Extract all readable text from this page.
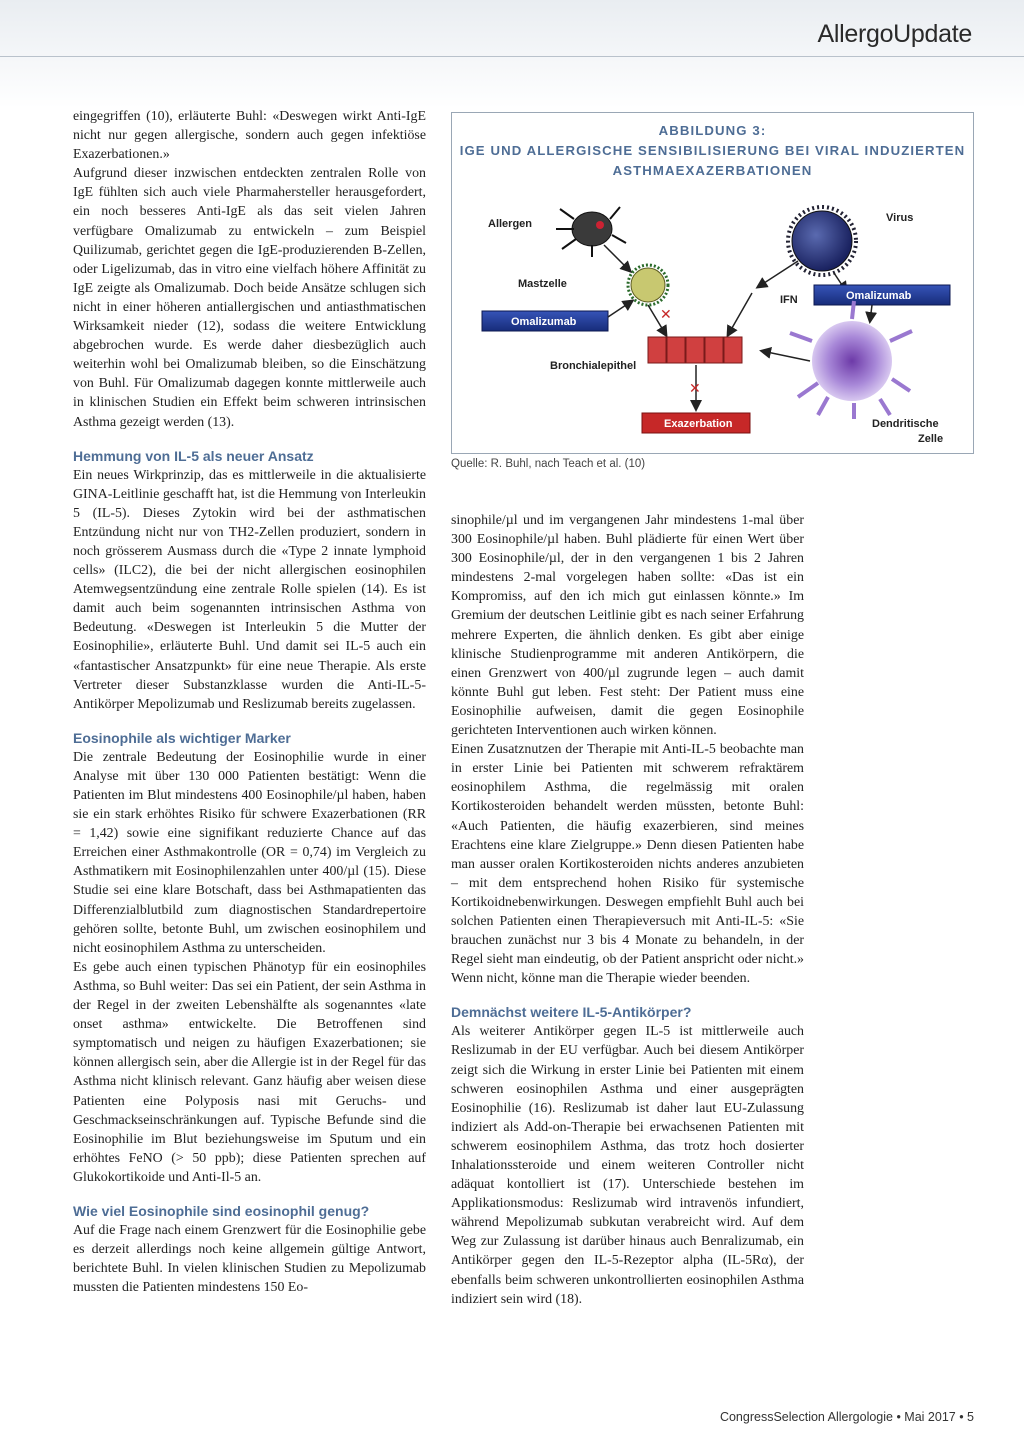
AllergoUpdate

eingegriffen (10), erläuterte Buhl: «Deswegen wirkt Anti-IgE nicht nur gegen allergische, sondern auch gegen infektiöse Exazerbationen.»

Aufgrund dieser inzwischen entdeckten zentralen Rolle von IgE fühlten sich auch viele Pharmahersteller herausgefordert, ein noch besseres Anti-IgE als das seit vielen Jahren verfügbare Omalizumab zu entwickeln – zum Beispiel Quilizumab, gerichtet gegen die IgE-produzierenden B-Zellen, oder Ligelizumab, das in vitro eine vielfach höhere Affinität zu IgE zeigte als Omalizumab. Doch beide Ansätze schlugen sich nicht in einer höheren antiallergischen und antiasthmatischen Wirksamkeit nieder (12), sodass die weitere Entwicklung abgebrochen wurde. Es werde daher diesbezüglich auch weiterhin wohl bei Omalizumab bleiben, so die Einschätzung von Buhl. Für Omalizumab dagegen konnte mittlerweile auch in klinischen Studien ein Effekt beim schweren intrinsischen Asthma gezeigt werden (13).

Hemmung von IL-5 als neuer Ansatz

Ein neues Wirkprinzip, das es mittlerweile in die aktualisierte GINA-Leitlinie geschafft hat, ist die Hemmung von Interleukin 5 (IL-5). Dieses Zytokin wird bei der asthmatischen Entzündung nicht nur von TH2-Zellen produziert, sondern in noch grösserem Ausmass durch die «Type 2 innate lymphoid cells» (ILC2), die bei der nicht allergischen eosinophilen Atemwegsentzündung eine zentrale Rolle spielen (14). Es ist damit auch beim sogenannten intrinsischen Asthma von Bedeutung. «Deswegen ist Interleukin 5 die Mutter der Eosinophilie», erläuterte Buhl. Und damit sei IL-5 auch ein «fantastischer Ansatzpunkt» für eine neue Therapie. Als erste Vertreter dieser Substanzklasse wurden die Anti-IL-5-Antikörper Mepolizumab und Reslizumab bereits zugelassen.

Eosinophile als wichtiger Marker

Die zentrale Bedeutung der Eosinophilie wurde in einer Analyse mit über 130 000 Patienten bestätigt: Wenn die Patienten im Blut mindestens 400 Eosinophile/µl haben, haben sie ein stark erhöhtes Risiko für schwere Exazerbationen (RR = 1,42) sowie eine signifikant reduzierte Chance auf das Erreichen einer Asthmakontrolle (OR = 0,74) im Vergleich zu Asthmatikern mit Eosinophilenzahlen unter 400/µl (15). Diese Studie sei eine klare Botschaft, dass bei Asthmapatienten das Differenzialblutbild zum diagnostischen Standardrepertoire gehören sollte, betonte Buhl, um zwischen eosinophilem und nicht eosinophilem Asthma zu unterscheiden.

Es gebe auch einen typischen Phänotyp für ein eosinophiles Asthma, so Buhl weiter: Das sei ein Patient, der sein Asthma in der Regel in der zweiten Lebenshälfte als sogenanntes «late onset asthma» entwickelte. Die Betroffenen sind symptomatisch und neigen zu häufigen Exazerbationen; sie können allergisch sein, aber die Allergie ist in der Regel für das Asthma nicht klinisch relevant. Ganz häufig aber weisen diese Patienten eine Polyposis nasi mit Geruchs- und Geschmackseinschränkungen auf. Typische Befunde sind die Eosinophilie im Blut beziehungsweise im Sputum und ein erhöhtes FeNO (> 50 ppb); diese Patienten sprechen auf Glukokortikoide und Anti-Il-5 an.

Wie viel Eosinophile sind eosinophil genug?

Auf die Frage nach einem Grenzwert für die Eosinophilie gebe es derzeit allerdings noch keine allgemein gültige Antwort, berichtete Buhl. In vielen klinischen Studien zu Mepolizumab mussten die Patienten mindestens 150 Eo-

ABBILDUNG 3:
IGE UND ALLERGISCHE SENSIBILISIERUNG BEI VIRAL INDUZIERTEN
ASTHMAEXAZERBATIONEN
Allergen	Virus
Mastzelle
✕
Omalizumab
IFN	Omalizumab
Bronchialepithel
✕
Exazerbation	Dendritische
Zelle
Quelle: R. Buhl, nach Teach et al. (10)

sinophile/µl und im vergangenen Jahr mindestens 1-mal über 300 Eosinophile/µl haben. Buhl plädierte für einen Wert über 300 Eosinophile/µl, der in den vergangenen 1 bis 2 Jahren mindestens 2-mal vorgelegen haben sollte: «Das ist ein Kompromiss, auf den ich mich gut einlassen könnte.» Im Gremium der deutschen Leitlinie gibt es nach seiner Erfahrung mehrere Experten, die ähnlich denken. Es gibt aber einige klinische Studienprogramme mit anderen Antikörpern, die einen Grenzwert von 400/µl zugrunde legen – auch damit könnte Buhl gut leben. Fest steht: Der Patient muss eine Eosinophilie aufweisen, damit die gegen Eosinophile gerichteten Interventionen auch wirken können.

Einen Zusatznutzen der Therapie mit Anti-IL-5 beobachte man in erster Linie bei Patienten mit schwerem refraktärem eosinophilem Asthma, die regelmässig mit oralen Kortikosteroiden behandelt werden müssten, betonte Buhl: «Auch Patienten, die häufig exazerbieren, sind meines Erachtens eine klare Zielgruppe.» Denn diesen Patienten habe man ausser oralen Kortikosteroiden nichts anderes anzubieten – mit dem entsprechend hohen Risiko für systemische Kortikoidnebenwirkungen. Deswegen empfiehlt Buhl auch bei solchen Patienten einen Therapieversuch mit Anti-IL-5: «Sie brauchen zunächst nur 3 bis 4 Monate zu behandeln, in der Regel sieht man eindeutig, ob der Patient anspricht oder nicht.» Wenn nicht, könne man die Therapie wieder beenden.

Demnächst weitere IL-5-Antikörper?

Als weiterer Antikörper gegen IL-5 ist mittlerweile auch Reslizumab in der EU verfügbar. Auch bei diesem Antikörper zeigt sich die Wirkung in erster Linie bei Patienten mit einem schweren eosinophilen Asthma und einer ausgeprägten Eosinophilie (16). Reslizumab ist daher laut EU-Zulassung indiziert als Add-on-Therapie bei erwachsenen Patienten mit schwerem eosinophilem Asthma, das trotz hoch dosierter Inhalationssteroide und einem weiteren Controller nicht adäquat kontolliert ist (17). Unterschiede bestehen im Applikationsmodus: Reslizumab wird intravenös infundiert, während Mepolizumab subkutan verabreicht wird. Auf dem Weg zur Zulassung ist darüber hinaus auch Benralizumab, ein Antikörper gegen den IL-5-Rezeptor alpha (IL-5Rα), der ebenfalls beim schweren unkontrollierten eosinophilen Asthma indiziert sein wird (18).

CongressSelection Allergologie • Mai 2017 • 5
